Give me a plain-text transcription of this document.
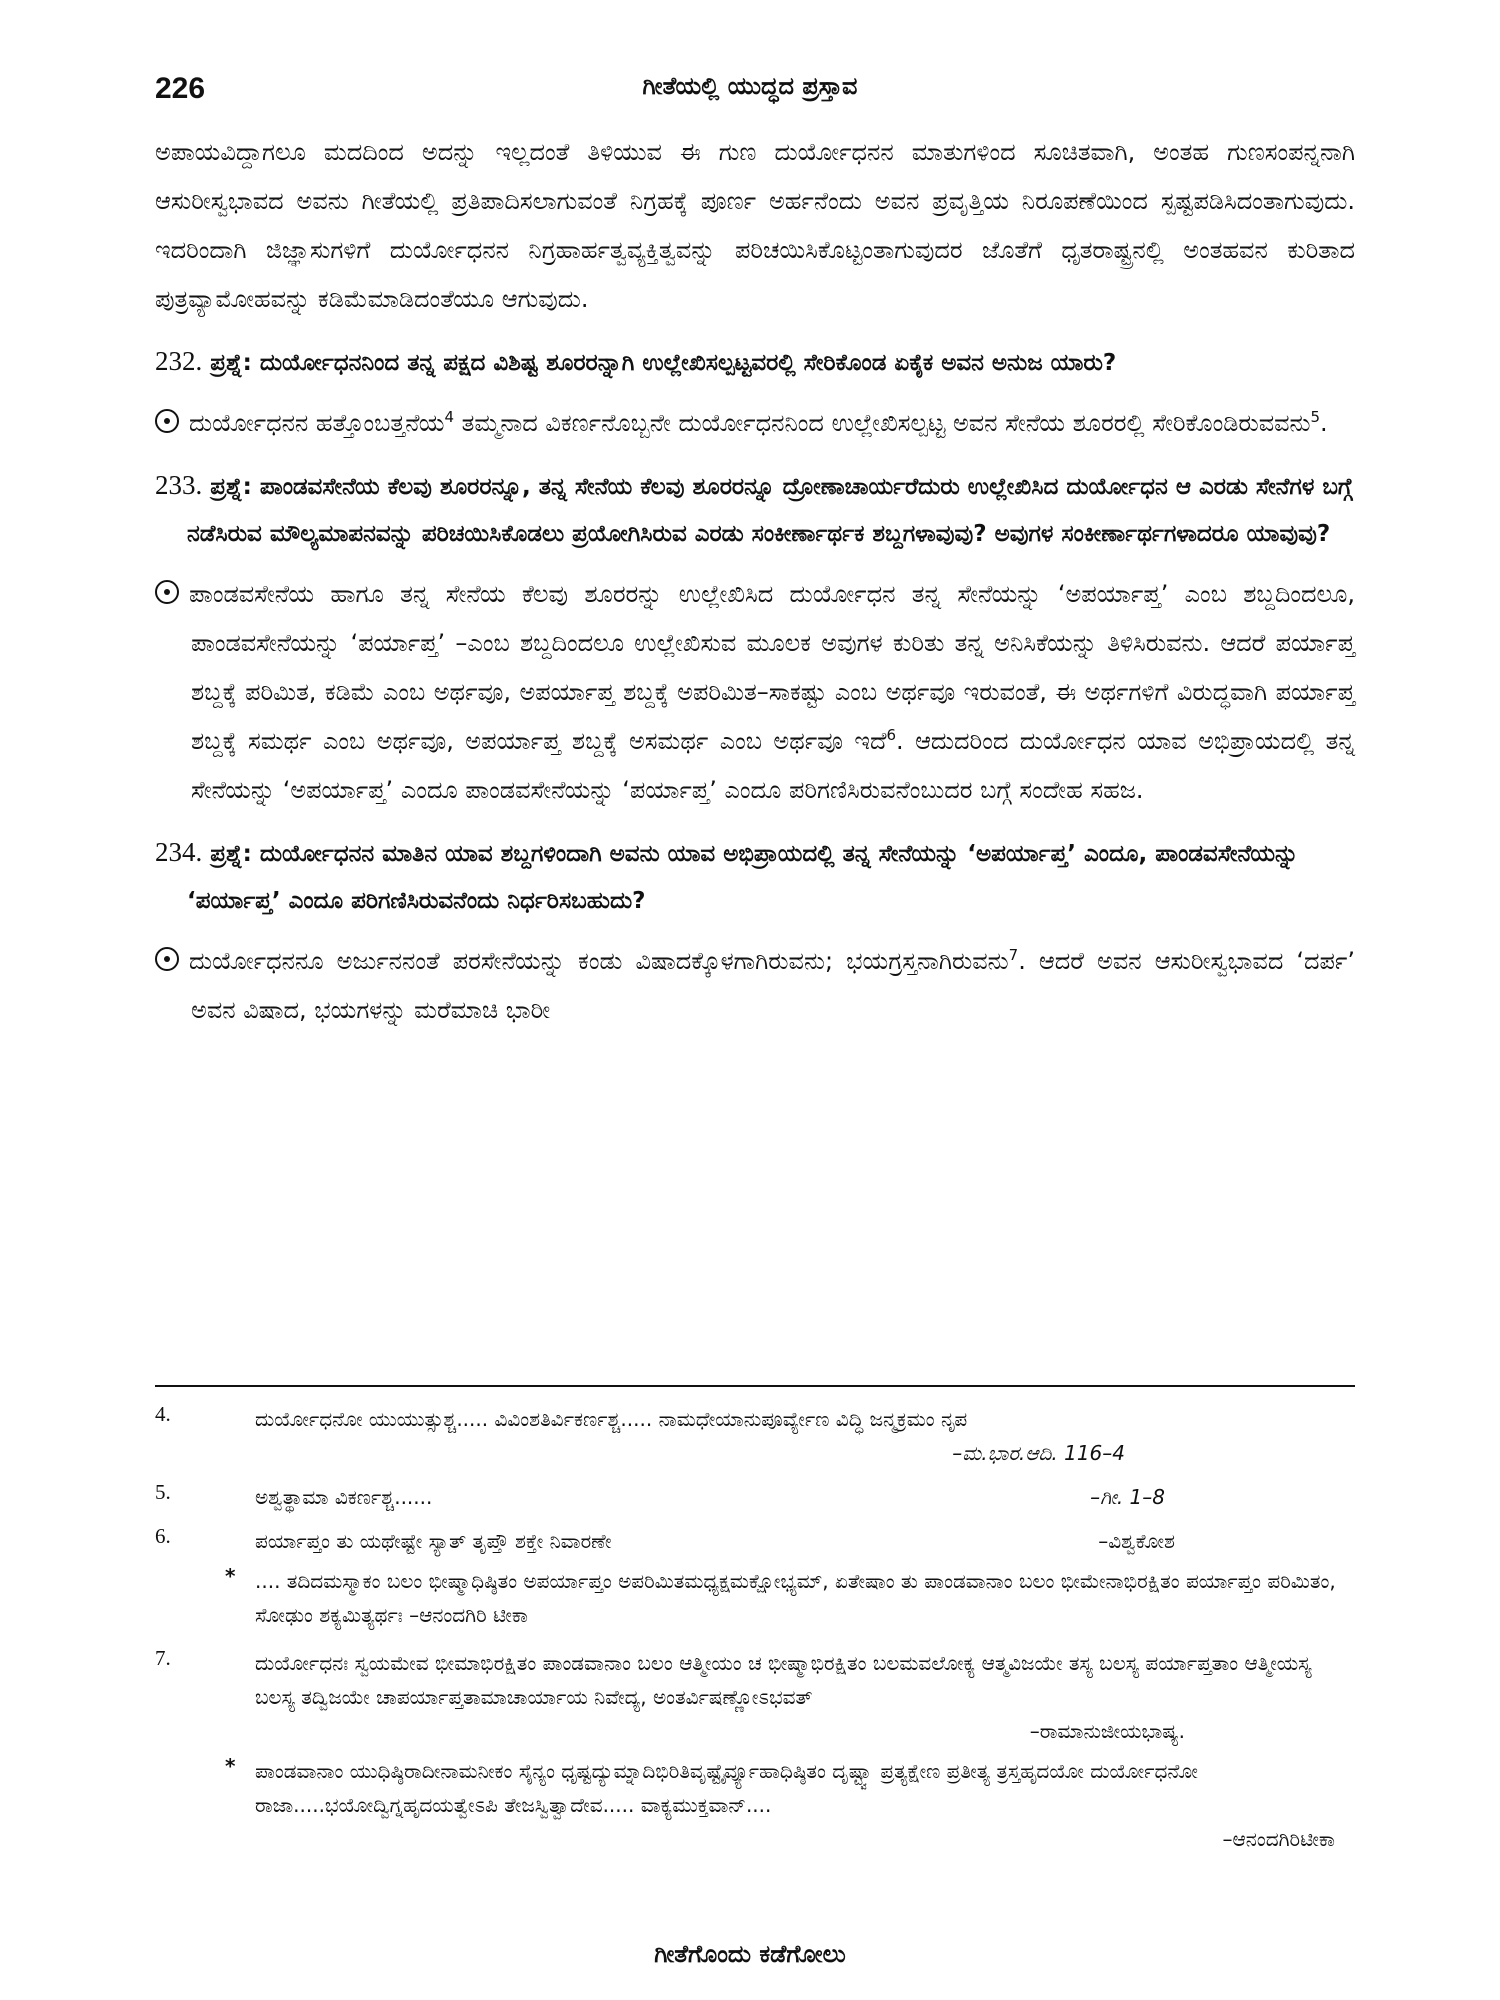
226	ಗೀತೆಯಲ್ಲಿ ಯುದ್ಧದ ಪ್ರಸ್ತಾವ
ಅಪಾಯವಿದ್ದಾಗಲೂ ಮದದಿಂದ ಅದನ್ನು ಇಲ್ಲದಂತೆ ತಿಳಿಯುವ ಈ ಗುಣ ದುರ್ಯೋಧನನ ಮಾತುಗಳಿಂದ ಸೂಚಿತವಾಗಿ, ಅಂತಹ ಗುಣಸಂಪನ್ನನಾಗಿ ಆಸುರೀಸ್ವಭಾವದ ಅವನು ಗೀತೆಯಲ್ಲಿ ಪ್ರತಿಪಾದಿಸಲಾಗುವಂತೆ ನಿಗ್ರಹಕ್ಕೆ ಪೂರ್ಣ ಅರ್ಹನೆಂದು ಅವನ ಪ್ರವೃತ್ತಿಯ ನಿರೂಪಣೆಯಿಂದ ಸ್ಪಷ್ಟಪಡಿಸಿದಂತಾಗುವುದು. ಇದರಿಂದಾಗಿ ಜಿಜ್ಞಾಸುಗಳಿಗೆ ದುರ್ಯೋಧನನ ನಿಗ್ರಹಾರ್ಹತ್ವವ್ಯಕ್ತಿತ್ವವನ್ನು ಪರಿಚಯಿಸಿಕೊಟ್ಟಂತಾಗುವುದರ ಜೊತೆಗೆ ಧೃತರಾಷ್ಟ್ರನಲ್ಲಿ ಅಂತಹವನ ಕುರಿತಾದ ಪುತ್ರವ್ಯಾಮೋಹವನ್ನು ಕಡಿಮೆಮಾಡಿದಂತೆಯೂ ಆಗುವುದು.
232. ಪ್ರಶ್ನೆ: ದುರ್ಯೋಧನನಿಂದ ತನ್ನ ಪಕ್ಷದ ವಿಶಿಷ್ಟ ಶೂರರನ್ನಾಗಿ ಉಲ್ಲೇಖಿಸಲ್ಪಟ್ಟವರಲ್ಲಿ ಸೇರಿಕೊಂಡ ಏಕೈಕ ಅವನ ಅನುಜ ಯಾರು?
ದುರ್ಯೋಧನನ ಹತ್ತೊಂಬತ್ತನೆಯ$^4$ ತಮ್ಮನಾದ ವಿಕರ್ಣನೊಬ್ಬನೇ ದುರ್ಯೋಧನನಿಂದ ಉಲ್ಲೇಖಿಸಲ್ಪಟ್ಟ ಅವನ ಸೇನೆಯ ಶೂರರಲ್ಲಿ ಸೇರಿಕೊಂಡಿರುವವನು$^5$.
233. ಪ್ರಶ್ನೆ: ಪಾಂಡವಸೇನೆಯ ಕೆಲವು ಶೂರರನ್ನೂ, ತನ್ನ ಸೇನೆಯ ಕೆಲವು ಶೂರರನ್ನೂ ದ್ರೋಣಾಚಾರ್ಯರೆದುರು ಉಲ್ಲೇಖಿಸಿದ ದುರ್ಯೋಧನ ಆ ಎರಡು ಸೇನೆಗಳ ಬಗ್ಗೆ ನಡೆಸಿರುವ ಮೌಲ್ಯಮಾಪನವನ್ನು ಪರಿಚಯಿಸಿಕೊಡಲು ಪ್ರಯೋಗಿಸಿರುವ ಎರಡು ಸಂಕೀರ್ಣಾರ್ಥಕ ಶಬ್ದಗಳಾವುವು? ಅವುಗಳ ಸಂಕೀರ್ಣಾರ್ಥಗಳಾದರೂ ಯಾವುವು?
ಪಾಂಡವಸೇನೆಯ ಹಾಗೂ ತನ್ನ ಸೇನೆಯ ಕೆಲವು ಶೂರರನ್ನು ಉಲ್ಲೇಖಿಸಿದ ದುರ್ಯೋಧನ ತನ್ನ ಸೇನೆಯನ್ನು ‘ಅಪರ್ಯಾಪ್ತ’ ಎಂಬ ಶಬ್ದದಿಂದಲೂ, ಪಾಂಡವಸೇನೆಯನ್ನು ‘ಪರ್ಯಾಪ್ತ’ –ಎಂಬ ಶಬ್ದದಿಂದಲೂ ಉಲ್ಲೇಖಿಸುವ ಮೂಲಕ ಅವುಗಳ ಕುರಿತು ತನ್ನ ಅನಿಸಿಕೆಯನ್ನು ತಿಳಿಸಿರುವನು. ಆದರೆ ಪರ್ಯಾಪ್ತ ಶಬ್ದಕ್ಕೆ ಪರಿಮಿತ, ಕಡಿಮೆ ಎಂಬ ಅರ್ಥವೂ, ಅಪರ್ಯಾಪ್ತ ಶಬ್ದಕ್ಕೆ ಅಪರಿಮಿತ–ಸಾಕಷ್ಟು ಎಂಬ ಅರ್ಥವೂ ಇರುವಂತೆ, ಈ ಅರ್ಥಗಳಿಗೆ ವಿರುದ್ಧವಾಗಿ ಪರ್ಯಾಪ್ತ ಶಬ್ದಕ್ಕೆ ಸಮರ್ಥ ಎಂಬ ಅರ್ಥವೂ, ಅಪರ್ಯಾಪ್ತ ಶಬ್ದಕ್ಕೆ ಅಸಮರ್ಥ ಎಂಬ ಅರ್ಥವೂ ಇದೆ$^6$. ಆದುದರಿಂದ ದುರ್ಯೋಧನ ಯಾವ ಅಭಿಪ್ರಾಯದಲ್ಲಿ ತನ್ನ ಸೇನೆಯನ್ನು ‘ಅಪರ್ಯಾಪ್ತ’ ಎಂದೂ ಪಾಂಡವಸೇನೆಯನ್ನು ‘ಪರ್ಯಾಪ್ತ’ ಎಂದೂ ಪರಿಗಣಿಸಿರುವನೆಂಬುದರ ಬಗ್ಗೆ ಸಂದೇಹ ಸಹಜ.
234. ಪ್ರಶ್ನೆ: ದುರ್ಯೋಧನನ ಮಾತಿನ ಯಾವ ಶಬ್ದಗಳಿಂದಾಗಿ ಅವನು ಯಾವ ಅಭಿಪ್ರಾಯದಲ್ಲಿ ತನ್ನ ಸೇನೆಯನ್ನು ‘ಅಪರ್ಯಾಪ್ತ’ ಎಂದೂ, ಪಾಂಡವಸೇನೆಯನ್ನು ‘ಪರ್ಯಾಪ್ತ’ ಎಂದೂ ಪರಿಗಣಿಸಿರುವನೆಂದು ನಿರ್ಧರಿಸಬಹುದು?
ದುರ್ಯೋಧನನೂ ಅರ್ಜುನನಂತೆ ಪರಸೇನೆಯನ್ನು ಕಂಡು ವಿಷಾದಕ್ಕೊಳಗಾಗಿರುವನು; ಭಯಗ್ರಸ್ತನಾಗಿರುವನು$^7$. ಆದರೆ ಅವನ ಆಸುರೀಸ್ವಭಾವದ ‘ದರ್ಪ’ ಅವನ ವಿಷಾದ, ಭಯಗಳನ್ನು ಮರೆಮಾಚಿ ಭಾರೀ
4.	ದುರ್ಯೋಧನೋ ಯುಯುತ್ಸುಶ್ಚ..... ವಿವಿಂಶತಿರ್ವಿಕರ್ಣಶ್ಚ..... ನಾಮಧೇಯಾನುಪೂರ್ವ್ಯೇಣ ವಿದ್ಧಿ ಜನ್ಮಕ್ರಮಂ ನೃಪ
–ಮ.ಭಾರ.ಆದಿ. 116–4
5.	ಅಶ್ವತ್ಥಾಮಾ ವಿಕರ್ಣಶ್ಚ......	–ಗೀ. 1–8
6.	ಪರ್ಯಾಪ್ತಂ ತು ಯಥೇಷ್ಟೇ ಸ್ಯಾತ್ ತೃಪ್ತೌ ಶಕ್ತೇ ನಿವಾರಣೇ	–ವಿಶ್ವಕೋಶ
* .... ತದಿದಮಸ್ಮಾಕಂ ಬಲಂ ಭೀಷ್ಮಾಧಿಷ್ಠಿತಂ ಅಪರ್ಯಾಪ್ತಂ ಅಪರಿಮಿತಮಧ್ಯಕ್ಷಮಕ್ಷೋಭ್ಯಮ್, ಏತೇಷಾಂ ತು ಪಾಂಡವಾನಾಂ ಬಲಂ ಭೀಮೇನಾಭಿರಕ್ಷಿತಂ ಪರ್ಯಾಪ್ತಂ ಪರಿಮಿತಂ, ಸೋಢುಂ ಶಕ್ಯಮಿತ್ಯರ್ಥಃ –ಆನಂದಗಿರಿ ಟೀಕಾ
7.	ದುರ್ಯೋಧನಃ ಸ್ವಯಮೇವ ಭೀಮಾಭಿರಕ್ಷಿತಂ ಪಾಂಡವಾನಾಂ ಬಲಂ ಆತ್ಮೀಯಂ ಚ ಭೀಷ್ಮಾಭಿರಕ್ಷಿತಂ ಬಲಮವಲೋಕ್ಯ ಆತ್ಮವಿಜಯೇ ತಸ್ಯ ಬಲಸ್ಯ ಪರ್ಯಾಪ್ತತಾಂ ಆತ್ಮೀಯಸ್ಯ ಬಲಸ್ಯ ತದ್ವಿಜಯೇ ಚಾಪರ್ಯಾಪ್ತತಾಮಾಚಾರ್ಯಾಯ ನಿವೇದ್ಯ, ಅಂತರ್ವಿಷಣ್ಣೋಽಭವತ್
–ರಾಮಾನುಜೀಯಭಾಷ್ಯ.
* ಪಾಂಡವಾನಾಂ ಯುಧಿಷ್ಠಿರಾದೀನಾಮನೀಕಂ ಸೈನ್ಯಂ ಧೃಷ್ಟದ್ಯುಮ್ನಾದಿಭಿರಿತಿವೃಷ್ಟೈರ್ವ್ಯೂಹಾಧಿಷ್ಠಿತಂ ದೃಷ್ಟ್ವಾ ಪ್ರತ್ಯಕ್ಷೇಣ ಪ್ರತೀತ್ಯ ತ್ರಸ್ತಹೃದಯೋ ದುರ್ಯೋಧನೋ ರಾಜಾ.....ಭಯೋದ್ವಿಗ್ನಹೃದಯತ್ವೇಽಪಿ ತೇಜಸ್ವಿತ್ವಾದೇವ..... ವಾಕ್ಯಮುಕ್ತವಾನ್....
–ಆನಂದಗಿರಿಟೀಕಾ
ಗೀತೆಗೊಂದು ಕಡೆಗೋಲು
